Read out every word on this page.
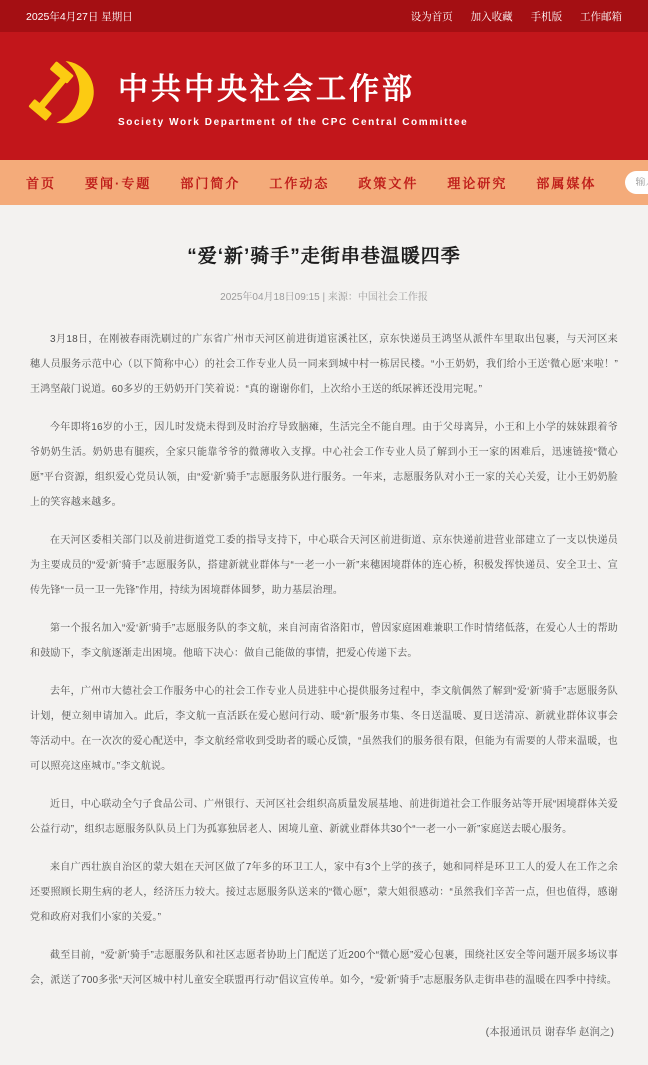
2025年4月27日 星期日	设为首页 加入收藏 手机版 工作邮箱
中共中央社会工作部
Society Work Department of the CPC Central Committee
首页 要闻·专题 部门简介 工作动态 政策文件 理论研究 部属媒体
输入关键字
“爱‘新’骑手”走街串巷温暖四季
2025年04月18日09:15 | 来源：中国社会工作报

3月18日，在刚被春雨洗刷过的广东省广州市天河区前进街道宦溪社区，京东快递员王鸿坚从派件车里取出包裹，与天河区来穗人员服务示范中心（以下简称中心）的社会工作专业人员一同来到城中村一栋居民楼。“小王奶奶，我们给小王送‘微心愿’来啦！”王鸿坚敲门说道。60多岁的王奶奶开门笑着说：“真的谢谢你们，上次给小王送的纸尿裤还没用完呢。”

今年即将16岁的小王，因儿时发烧未得到及时治疗导致脑瘫，生活完全不能自理。由于父母离异，小王和上小学的妹妹跟着爷爷奶奶生活。奶奶患有腿疾，全家只能靠爷爷的微薄收入支撑。中心社会工作专业人员了解到小王一家的困难后，迅速链接“微心愿”平台资源，组织爱心党员认领，由“爱‘新’骑手”志愿服务队进行服务。一年来，志愿服务队对小王一家的关心关爱，让小王奶奶脸上的笑容越来越多。

在天河区委相关部门以及前进街道党工委的指导支持下，中心联合天河区前进街道、京东快递前进营业部建立了一支以快递员为主要成员的“爱‘新’骑手”志愿服务队，搭建新就业群体与“一老一小一新”来穗困境群体的连心桥，积极发挥快递员、安全卫士、宣传先锋“一员一卫一先锋”作用，持续为困境群体圆梦，助力基层治理。

第一个报名加入“爱‘新’骑手”志愿服务队的李文航，来自河南省洛阳市，曾因家庭困难兼职工作时情绪低落，在爱心人士的帮助和鼓励下，李文航逐渐走出困境。他暗下决心：做自己能做的事情，把爱心传递下去。

去年，广州市大德社会工作服务中心的社会工作专业人员进驻中心提供服务过程中，李文航偶然了解到“爱‘新’骑手”志愿服务队计划，便立刻申请加入。此后，李文航一直活跃在爱心慰问行动、暖“新”服务市集、冬日送温暖、夏日送清凉、新就业群体议事会等活动中。在一次次的爱心配送中，李文航经常收到受助者的暖心反馈，“虽然我们的服务很有限，但能为有需要的人带来温暖，也可以照亮这座城市。”李文航说。

近日，中心联动全勺子食品公司、广州银行、天河区社会组织高质量发展基地、前进街道社会工作服务站等开展“困境群体关爱公益行动”，组织志愿服务队队员上门为孤寡独居老人、困境儿童、新就业群体共30个“一老一小一新”家庭送去暖心服务。

来自广西壮族自治区的蒙大姐在天河区做了7年多的环卫工人，家中有3个上学的孩子，她和同样是环卫工人的爱人在工作之余还要照顾长期生病的老人，经济压力较大。接过志愿服务队送来的“微心愿”，蒙大姐很感动：“虽然我们辛苦一点，但也值得，感谢党和政府对我们小家的关爱。”

截至目前，“爱‘新’骑手”志愿服务队和社区志愿者协助上门配送了近200个“微心愿”爱心包裹，围绕社区安全等问题开展多场议事会，派送了700多张“天河区城中村儿童安全联盟再行动”倡议宣传单。如今，“爱‘新’骑手”志愿服务队走街串巷的温暖在四季中持续。

(本报通讯员 谢春华 赵润之)
